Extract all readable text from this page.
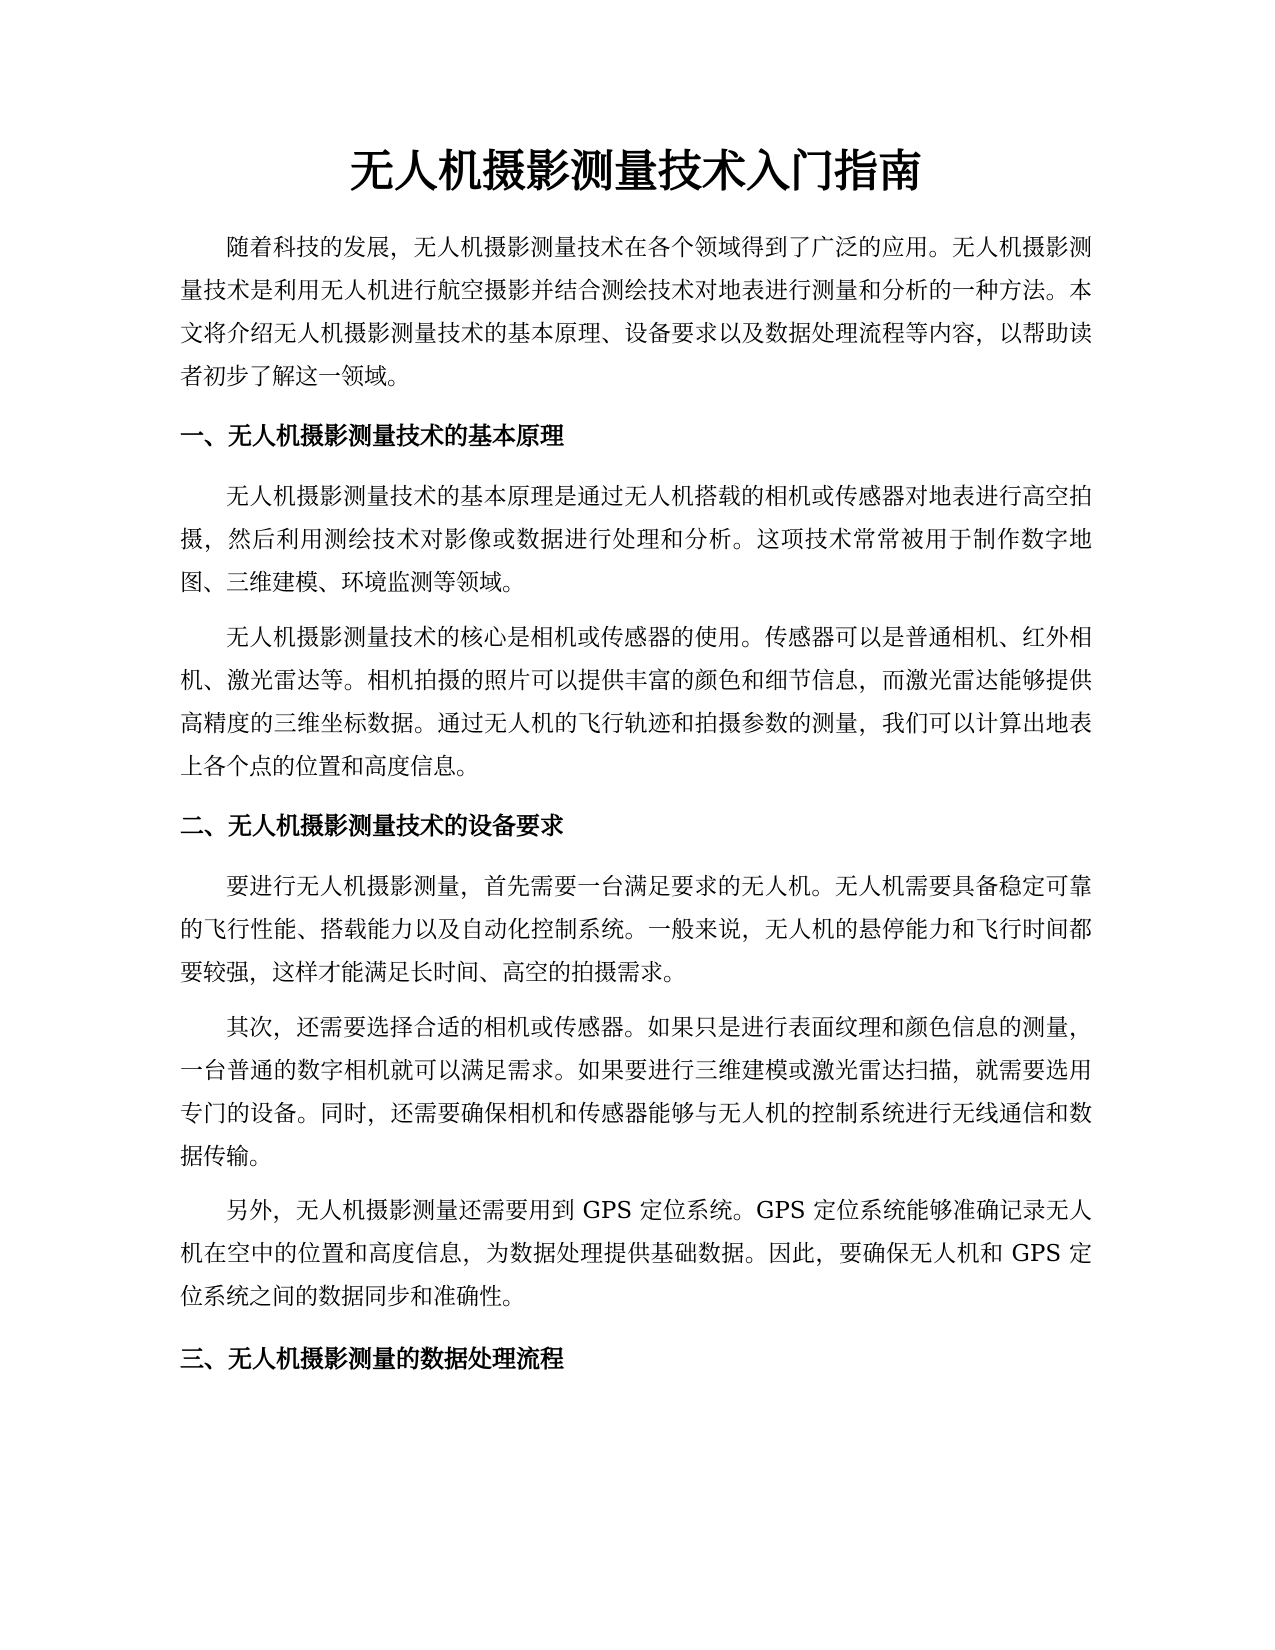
无人机摄影测量技术入门指南

随着科技的发展，无人机摄影测量技术在各个领域得到了广泛的应用。无人机摄影测量技术是利用无人机进行航空摄影并结合测绘技术对地表进行测量和分析的一种方法。本文将介绍无人机摄影测量技术的基本原理、设备要求以及数据处理流程等内容，以帮助读者初步了解这一领域。

一、无人机摄影测量技术的基本原理

无人机摄影测量技术的基本原理是通过无人机搭载的相机或传感器对地表进行高空拍摄，然后利用测绘技术对影像或数据进行处理和分析。这项技术常常被用于制作数字地图、三维建模、环境监测等领域。

无人机摄影测量技术的核心是相机或传感器的使用。传感器可以是普通相机、红外相机、激光雷达等。相机拍摄的照片可以提供丰富的颜色和细节信息，而激光雷达能够提供高精度的三维坐标数据。通过无人机的飞行轨迹和拍摄参数的测量，我们可以计算出地表上各个点的位置和高度信息。

二、无人机摄影测量技术的设备要求

要进行无人机摄影测量，首先需要一台满足要求的无人机。无人机需要具备稳定可靠的飞行性能、搭载能力以及自动化控制系统。一般来说，无人机的悬停能力和飞行时间都要较强，这样才能满足长时间、高空的拍摄需求。

其次，还需要选择合适的相机或传感器。如果只是进行表面纹理和颜色信息的测量，一台普通的数字相机就可以满足需求。如果要进行三维建模或激光雷达扫描，就需要选用专门的设备。同时，还需要确保相机和传感器能够与无人机的控制系统进行无线通信和数据传输。

另外，无人机摄影测量还需要用到 GPS 定位系统。GPS 定位系统能够准确记录无人机在空中的位置和高度信息，为数据处理提供基础数据。因此，要确保无人机和 GPS 定位系统之间的数据同步和准确性。

三、无人机摄影测量的数据处理流程
